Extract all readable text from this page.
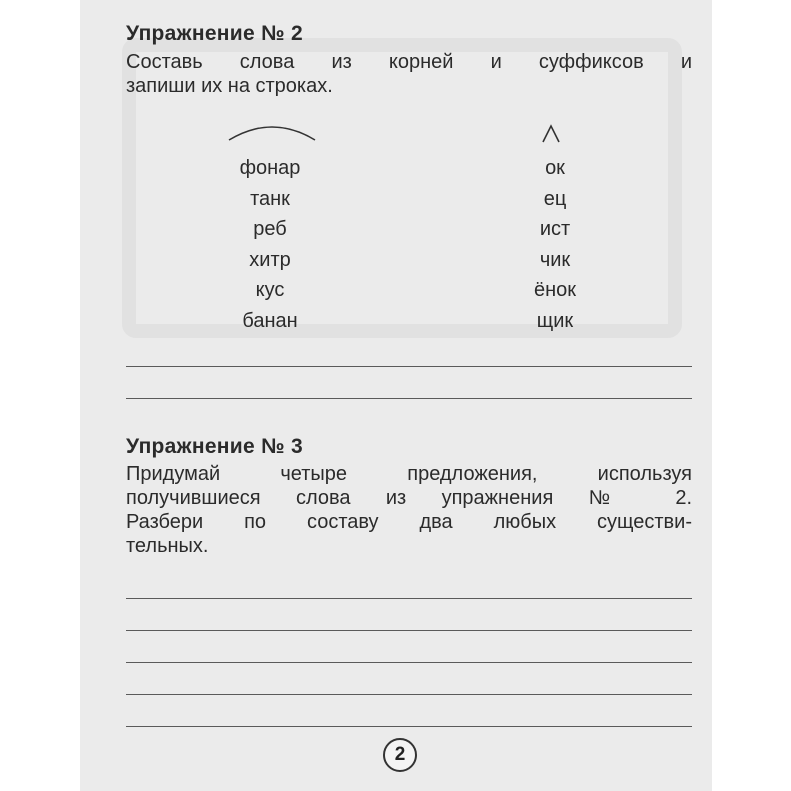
Упражнение № 2
Составь слова из корней и суффиксов и
запиши их на строках.
фонар
танк
реб
хитр
кус
банан
ок
ец
ист
чик
ёнок
щик
Упражнение № 3
Придумай четыре предложения, используя
получившиеся слова из упражнения № 2.
Разбери по составу два любых существи-
тельных.
2
